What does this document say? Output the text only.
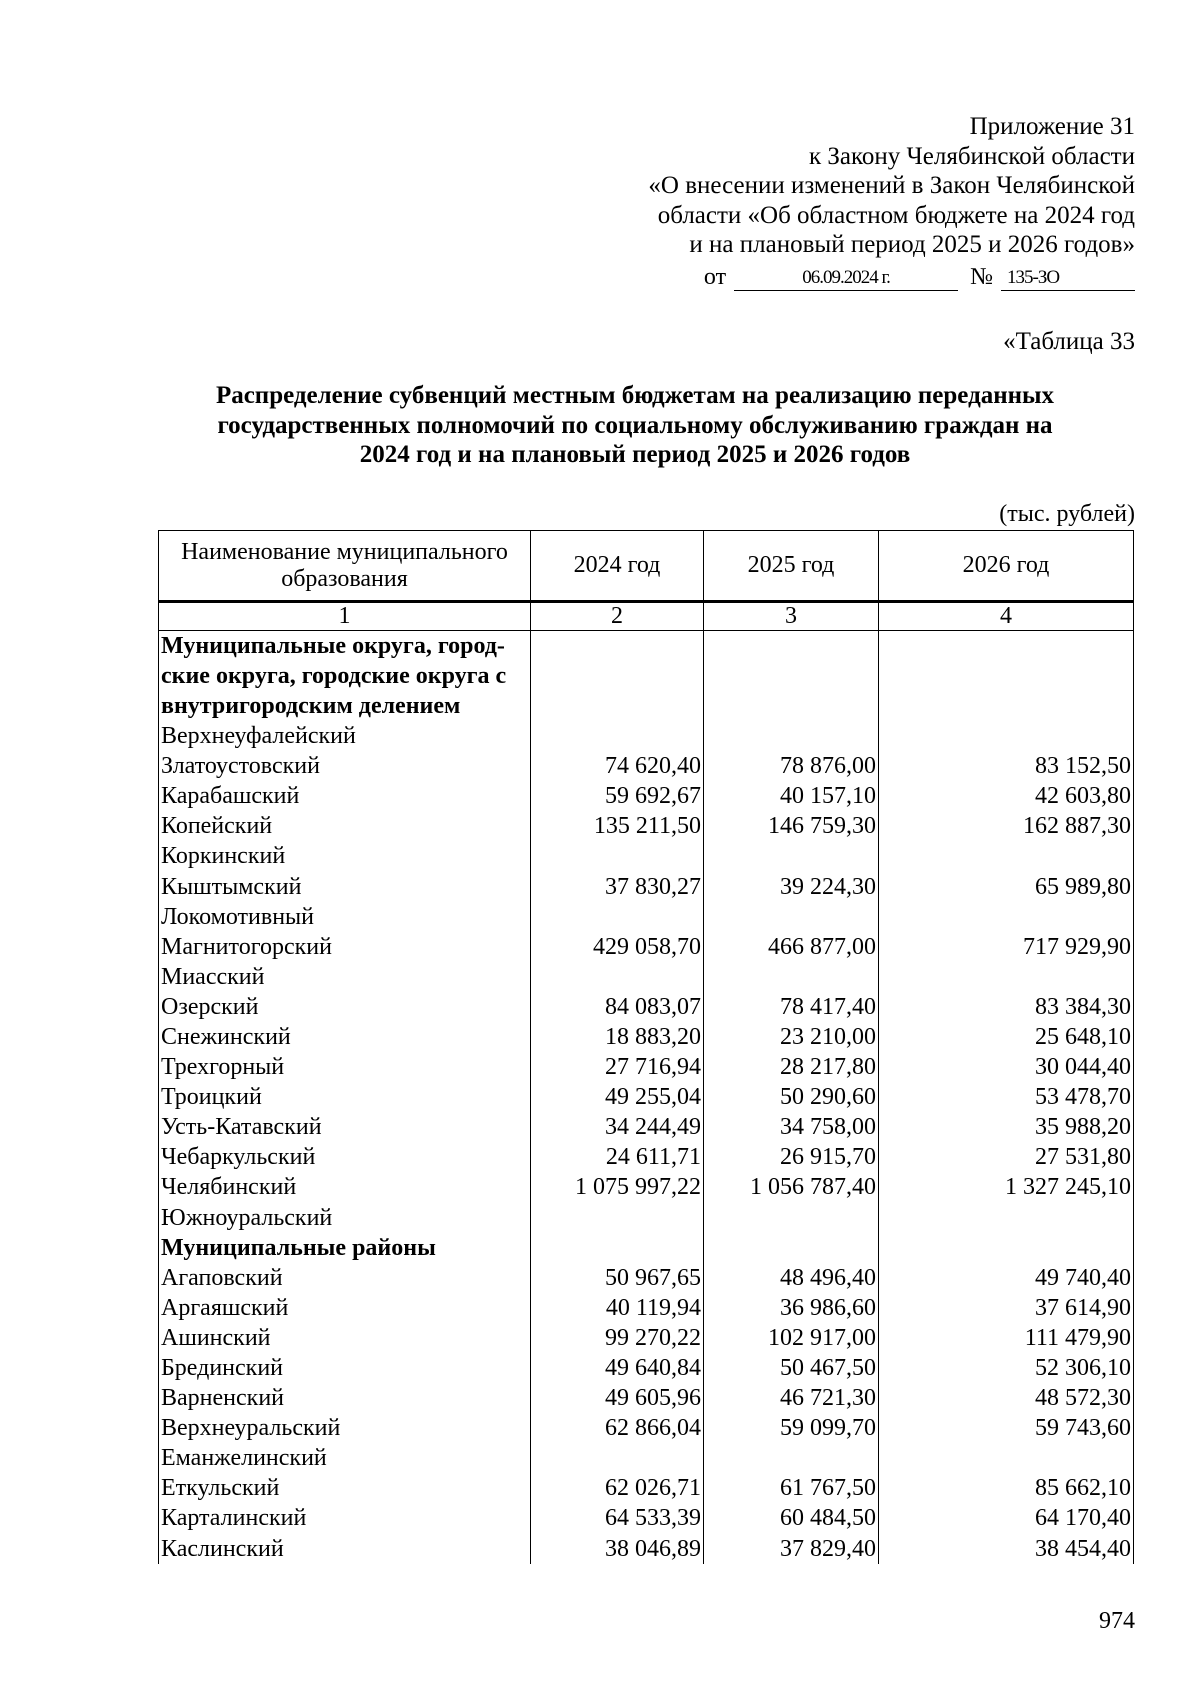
Приложение 31
к Закону Челябинской области
«О внесении изменений в Закон Челябинской
области «Об областном бюджете на 2024 год
и на плановый период 2025 и 2026 годов»
от	06.09.2024 г.	№ 135-ЗО
«Таблица 33
Распределение субвенций местным бюджетам на реализацию переданных
государственных полномочий по социальному обслуживанию граждан на
2024 год и на плановый период 2025 и 2026 годов
(тыс. рублей)
Наименование муниципального образования	2024 год	2025 год	2026 год
1	2	3	4

Муниципальные округа, город-
ские округа, городские округа с
внутригородским делением			

Верхнеуфалейский			
Златоустовский	74 620,40	78 876,00	83 152,50
Карабашский	59 692,67	40 157,10	42 603,80
Копейский	135 211,50	146 759,30	162 887,30
Коркинский			
Кыштымский	37 830,27	39 224,30	65 989,80
Локомотивный			
Магнитогорский	429 058,70	466 877,00	717 929,90
Миасский			
Озерский	84 083,07	78 417,40	83 384,30
Снежинский	18 883,20	23 210,00	25 648,10
Трехгорный	27 716,94	28 217,80	30 044,40
Троицкий	49 255,04	50 290,60	53 478,70
Усть-Катавский	34 244,49	34 758,00	35 988,20
Чебаркульский	24 611,71	26 915,70	27 531,80
Челябинский	1 075 997,22	1 056 787,40	1 327 245,10
Южноуральский			
Муниципальные районы			
Агаповский	50 967,65	48 496,40	49 740,40
Аргаяшский	40 119,94	36 986,60	37 614,90
Ашинский	99 270,22	102 917,00	111 479,90
Брединский	49 640,84	50 467,50	52 306,10
Варненский	49 605,96	46 721,30	48 572,30
Верхнеуральский	62 866,04	59 099,70	59 743,60
Еманжелинский			
Еткульский	62 026,71	61 767,50	85 662,10
Карталинский	64 533,39	60 484,50	64 170,40
Каслинский	38 046,89	37 829,40	38 454,40
974
